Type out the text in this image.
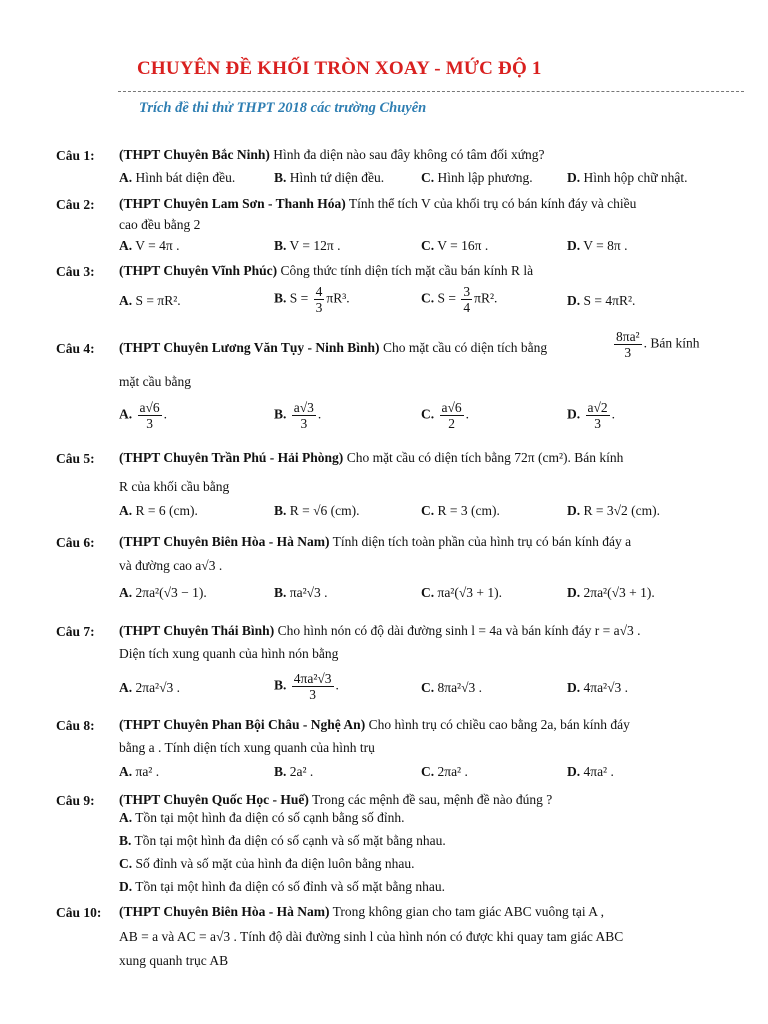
CHUYÊN ĐỀ KHỐI TRÒN XOAY - MỨC ĐỘ 1
Trích đề thi thử THPT 2018 các trường Chuyên
Câu 1: (THPT Chuyên Bắc Ninh) Hình đa diện nào sau đây không có tâm đối xứng?
A. Hình bát diện đều.	B. Hình tứ diện đều.	C. Hình lập phương.	D. Hình hộp chữ nhật.
Câu 2: (THPT Chuyên Lam Sơn - Thanh Hóa) Tính thể tích V của khối trụ có bán kính đáy và chiều
cao đều bằng 2
A. V = 4π .	B. V = 12π .	C. V = 16π .	D. V = 8π .
Câu 3: (THPT Chuyên Vĩnh Phúc) Công thức tính diện tích mặt cầu bán kính R là
A. S = πR².	B. $S = \frac{4}{3} \pi R^3$.	C. $S = \frac{3}{4} \pi R^2$.	D. S = 4πR².
Câu 4: (THPT Chuyên Lương Văn Tụy - Ninh Bình) Cho mặt cầu có diện tích bằng	$\frac{\text{8πa²}}{3}$ . Bán kính
mặt cầu bằng
A. $\frac{a√6}{3}$ .	B. $\frac{a√3}{3}$ .	C. $\frac{a√6}{2}$ .	D. $\frac{a√2}{3}$ .
Câu 5: (THPT Chuyên Trần Phú - Hải Phòng) Cho mặt cầu có diện tích bằng 72π (cm²). Bán kính
R của khối cầu bằng
A. R = 6 (cm).	B. R = √6 (cm).	C. R = 3 (cm).	D. R = 3√2 (cm).
Câu 6: (THPT Chuyên Biên Hòa - Hà Nam) Tính diện tích toàn phần của hình trụ có bán kính đáy a
và đường cao a√3 .
A. 2πa²(√3 − 1).	B. πa²√3 .	C. πa²(√3 + 1).	D. 2πa²(√3 + 1).
Câu 7: (THPT Chuyên Thái Bình) Cho hình nón có độ dài đường sinh l = 4a và bán kính đáy r = a√3 .
Diện tích xung quanh của hình nón bằng
A. 2πa²√3 .	B. $\frac{\text{4πa²√3}}{3}$ .	C. 8πa²√3 .	D. 4πa²√3 .
Câu 8: (THPT Chuyên Phan Bội Châu - Nghệ An) Cho hình trụ có chiều cao bằng 2a, bán kính đáy
bằng a . Tính diện tích xung quanh của hình trụ
A. πa² .	B. 2a² .	C. 2πa² .	D. 4πa² .
Câu 9: (THPT Chuyên Quốc Học - Huế) Trong các mệnh đề sau, mệnh đề nào đúng ?
A. Tồn tại một hình đa diện có số cạnh bằng số đỉnh.
B. Tồn tại một hình đa diện có số cạnh và số mặt bằng nhau.
C. Số đỉnh và số mặt của hình đa diện luôn bằng nhau.
D. Tồn tại một hình đa diện có số đỉnh và số mặt bằng nhau.
Câu 10: (THPT Chuyên Biên Hòa - Hà Nam) Trong không gian cho tam giác ABC vuông tại A ,
AB = a và AC = a√3 . Tính độ dài đường sinh l của hình nón có được khi quay tam giác ABC
xung quanh trục AB
